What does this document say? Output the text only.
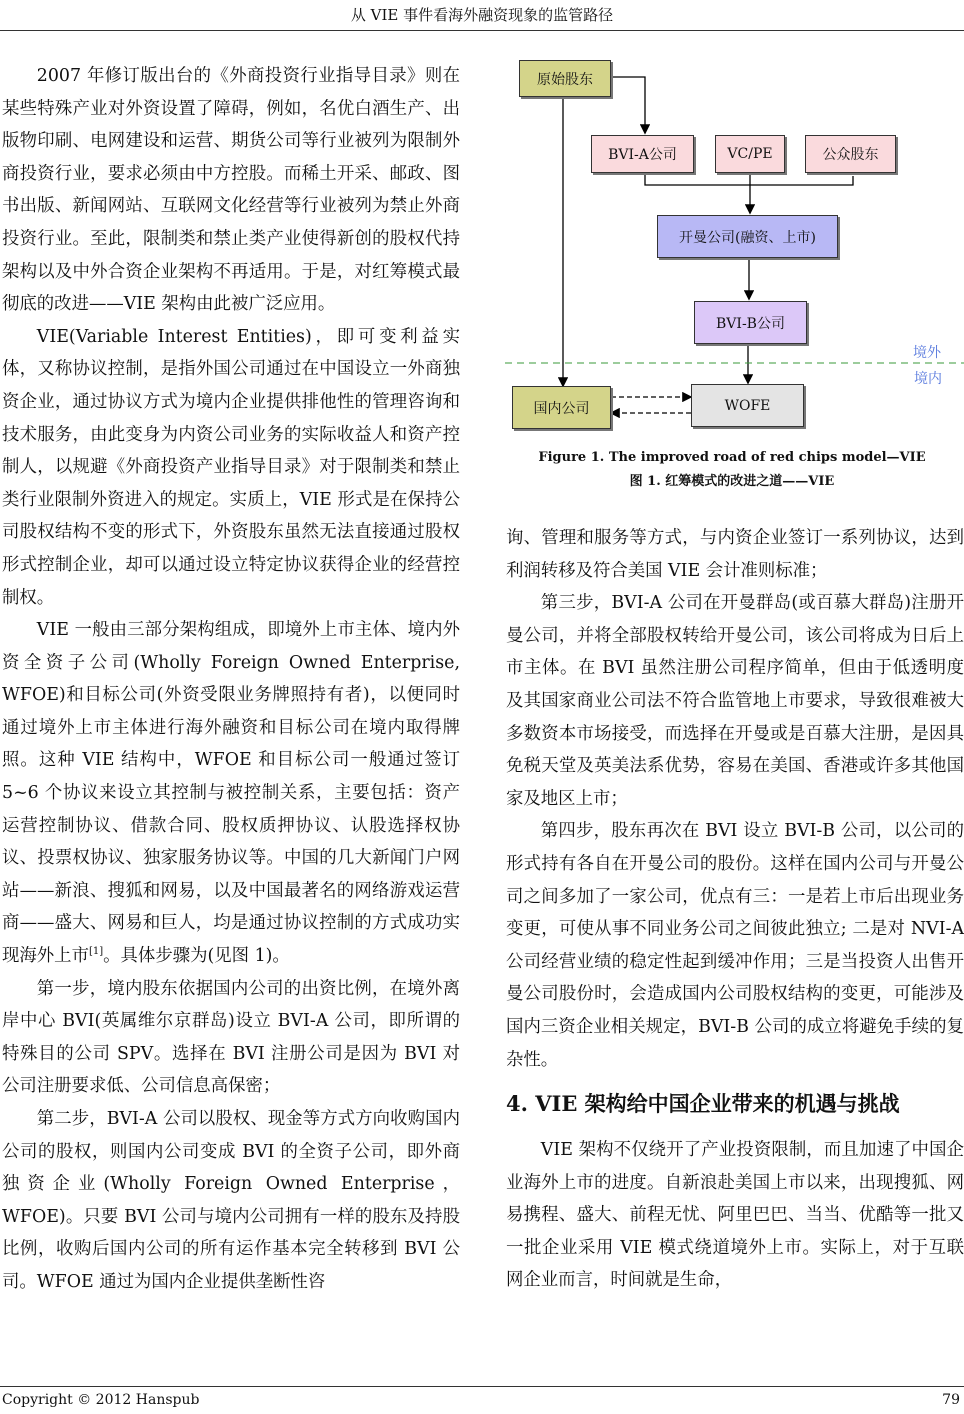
从 VIE 事件看海外融资现象的监管路径

2007 年修订版出台的《外商投资行业指导目录》则在某些特殊产业对外资设置了障碍，例如，名优白酒生产、出版物印刷、电网建设和运营、期货公司等行业被列为限制外商投资行业，要求必须由中方控股。而稀土开采、邮政、图书出版、新闻网站、互联网文化经营等行业被列为禁止外商投资行业。至此，限制类和禁止类产业使得新创的股权代持架构以及中外合资企业架构不再适用。于是，对红筹模式最彻底的改进——VIE 架构由此被广泛应用。

VIE(Variable Interest Entities)，即可变利益实体，又称协议控制，是指外国公司通过在中国设立一外商独资企业，通过协议方式为境内企业提供排他性的管理咨询和技术服务，由此变身为内资公司业务的实际收益人和资产控制人，以规避《外商投资产业指导目录》对于限制类和禁止类行业限制外资进入的规定。实质上，VIE 形式是在保持公司股权结构不变的形式下，外资股东虽然无法直接通过股权形式控制企业，却可以通过设立特定协议获得企业的经营控制权。

VIE 一般由三部分架构组成，即境外上市主体、境内外资全资子公司(Wholly Foreign Owned Enterprise, WFOE)和目标公司(外资受限业务牌照持有者)，以便同时通过境外上市主体进行海外融资和目标公司在境内取得牌照。这种 VIE 结构中，WFOE 和目标公司一般通过签订 5~6 个协议来设立其控制与被控制关系，主要包括：资产运营控制协议、借款合同、股权质押协议、认股选择权协议、投票权协议、独家服务协议等。中国的几大新闻门户网站——新浪、搜狐和网易，以及中国最著名的网络游戏运营商——盛大、网易和巨人，均是通过协议控制的方式成功实现海外上市[1]。具体步骤为(见图 1)。

第一步，境内股东依据国内公司的出资比例，在境外离岸中心 BVI(英属维尔京群岛)设立 BVI-A 公司，即所谓的特殊目的公司 SPV。选择在 BVI 注册公司是因为 BVI 对公司注册要求低、公司信息高保密；

第二步，BVI-A 公司以股权、现金等方式方向收购国内公司的股权，则国内公司变成 BVI 的全资子公司，即外商独资企业(Wholly Foreign Owned Enterprise，WFOE)。只要 BVI 公司与境内公司拥有一样的股东及持股比例，收购后国内公司的所有运作基本完全转移到 BVI 公司。WFOE 通过为国内企业提供垄断性咨

原始股东
BVI-A公司	VC/PE	公众股东
开曼公司(融资、上市)
BVI-B公司
国内公司	WOFE
境外
境内
Figure 1. The improved road of red chips model—VIE
图 1. 红筹模式的改进之道——VIE

询、管理和服务等方式，与内资企业签订一系列协议，达到利润转移及符合美国 VIE 会计准则标准；

第三步，BVI-A 公司在开曼群岛(或百慕大群岛)注册开曼公司，并将全部股权转给开曼公司，该公司将成为日后上市主体。在 BVI 虽然注册公司程序简单，但由于低透明度及其国家商业公司法不符合监管地上市要求，导致很难被大多数资本市场接受，而选择在开曼或是百慕大注册，是因具免税天堂及英美法系优势，容易在美国、香港或许多其他国家及地区上市；

第四步，股东再次在 BVI 设立 BVI-B 公司，以公司的形式持有各自在开曼公司的股份。这样在国内公司与开曼公司之间多加了一家公司，优点有三：一是若上市后出现业务变更，可使从事不同业务公司之间彼此独立; 二是对 NVI-A 公司经营业绩的稳定性起到缓冲作用；三是当投资人出售开曼公司股份时，会造成国内公司股权结构的变更，可能涉及国内三资企业相关规定，BVI-B 公司的成立将避免手续的复杂性。

4. VIE 架构给中国企业带来的机遇与挑战

VIE 架构不仅绕开了产业投资限制，而且加速了中国企业海外上市的进度。自新浪赴美国上市以来，出现搜狐、网易携程、盛大、前程无忧、阿里巴巴、当当、优酷等一批又一批企业采用 VIE 模式绕道境外上市。实际上，对于互联网企业而言，时间就是生命，

Copyright © 2012 Hanspub	79
